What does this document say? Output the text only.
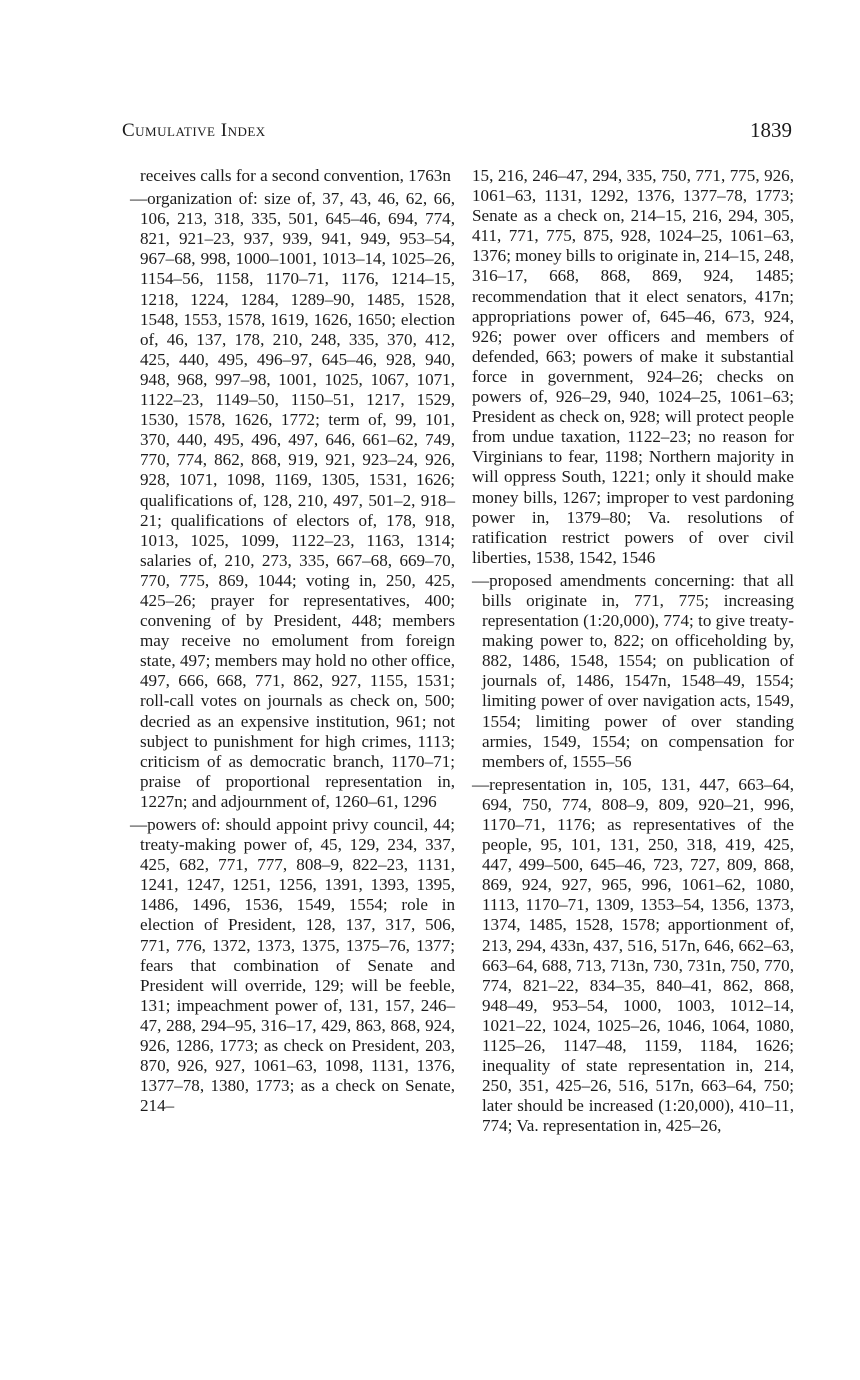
Cumulative Index	1839

receives calls for a second convention, 1763n

—organization of: size of, 37, 43, 46, 62, 66, 106, 213, 318, 335, 501, 645–46, 694, 774, 821, 921–23, 937, 939, 941, 949, 953–54, 967–68, 998, 1000–1001, 1013–14, 1025–26, 1154–56, 1158, 1170–71, 1176, 1214–15, 1218, 1224, 1284, 1289–90, 1485, 1528, 1548, 1553, 1578, 1619, 1626, 1650; election of, 46, 137, 178, 210, 248, 335, 370, 412, 425, 440, 495, 496–97, 645–46, 928, 940, 948, 968, 997–98, 1001, 1025, 1067, 1071, 1122–23, 1149–50, 1150–51, 1217, 1529, 1530, 1578, 1626, 1772; term of, 99, 101, 370, 440, 495, 496, 497, 646, 661–62, 749, 770, 774, 862, 868, 919, 921, 923–24, 926, 928, 1071, 1098, 1169, 1305, 1531, 1626; qualifications of, 128, 210, 497, 501–2, 918–21; qualifications of electors of, 178, 918, 1013, 1025, 1099, 1122–23, 1163, 1314; salaries of, 210, 273, 335, 667–68, 669–70, 770, 775, 869, 1044; voting in, 250, 425, 425–26; prayer for representatives, 400; convening of by President, 448; members may receive no emolument from foreign state, 497; members may hold no other office, 497, 666, 668, 771, 862, 927, 1155, 1531; roll-call votes on journals as check on, 500; decried as an expensive institution, 961; not subject to punishment for high crimes, 1113; criticism of as democratic branch, 1170–71; praise of proportional representation in, 1227n; and adjournment of, 1260–61, 1296

—powers of: should appoint privy council, 44; treaty-making power of, 45, 129, 234, 337, 425, 682, 771, 777, 808–9, 822–23, 1131, 1241, 1247, 1251, 1256, 1391, 1393, 1395, 1486, 1496, 1536, 1549, 1554; role in election of President, 128, 137, 317, 506, 771, 776, 1372, 1373, 1375, 1375–76, 1377; fears that combination of Senate and President will override, 129; will be feeble, 131; impeachment power of, 131, 157, 246–47, 288, 294–95, 316–17, 429, 863, 868, 924, 926, 1286, 1773; as check on President, 203, 870, 926, 927, 1061–63, 1098, 1131, 1376, 1377–78, 1380, 1773; as a check on Senate, 214–

15, 216, 246–47, 294, 335, 750, 771, 775, 926, 1061–63, 1131, 1292, 1376, 1377–78, 1773; Senate as a check on, 214–15, 216, 294, 305, 411, 771, 775, 875, 928, 1024–25, 1061–63, 1376; money bills to originate in, 214–15, 248, 316–17, 668, 868, 869, 924, 1485; recommendation that it elect senators, 417n; appropriations power of, 645–46, 673, 924, 926; power over officers and members of defended, 663; powers of make it substantial force in government, 924–26; checks on powers of, 926–29, 940, 1024–25, 1061–63; President as check on, 928; will protect people from undue taxation, 1122–23; no reason for Virginians to fear, 1198; Northern majority in will oppress South, 1221; only it should make money bills, 1267; improper to vest pardoning power in, 1379–80; Va. resolutions of ratification restrict powers of over civil liberties, 1538, 1542, 1546

—proposed amendments concerning: that all bills originate in, 771, 775; increasing representation (1:20,000), 774; to give treaty-making power to, 822; on officeholding by, 882, 1486, 1548, 1554; on publication of journals of, 1486, 1547n, 1548–49, 1554; limiting power of over navigation acts, 1549, 1554; limiting power of over standing armies, 1549, 1554; on compensation for members of, 1555–56

—representation in, 105, 131, 447, 663–64, 694, 750, 774, 808–9, 809, 920–21, 996, 1170–71, 1176; as representatives of the people, 95, 101, 131, 250, 318, 419, 425, 447, 499–500, 645–46, 723, 727, 809, 868, 869, 924, 927, 965, 996, 1061–62, 1080, 1113, 1170–71, 1309, 1353–54, 1356, 1373, 1374, 1485, 1528, 1578; apportionment of, 213, 294, 433n, 437, 516, 517n, 646, 662–63, 663–64, 688, 713, 713n, 730, 731n, 750, 770, 774, 821–22, 834–35, 840–41, 862, 868, 948–49, 953–54, 1000, 1003, 1012–14, 1021–22, 1024, 1025–26, 1046, 1064, 1080, 1125–26, 1147–48, 1159, 1184, 1626; inequality of state representation in, 214, 250, 351, 425–26, 516, 517n, 663–64, 750; later should be increased (1:20,000), 410–11, 774; Va. representation in, 425–26,
